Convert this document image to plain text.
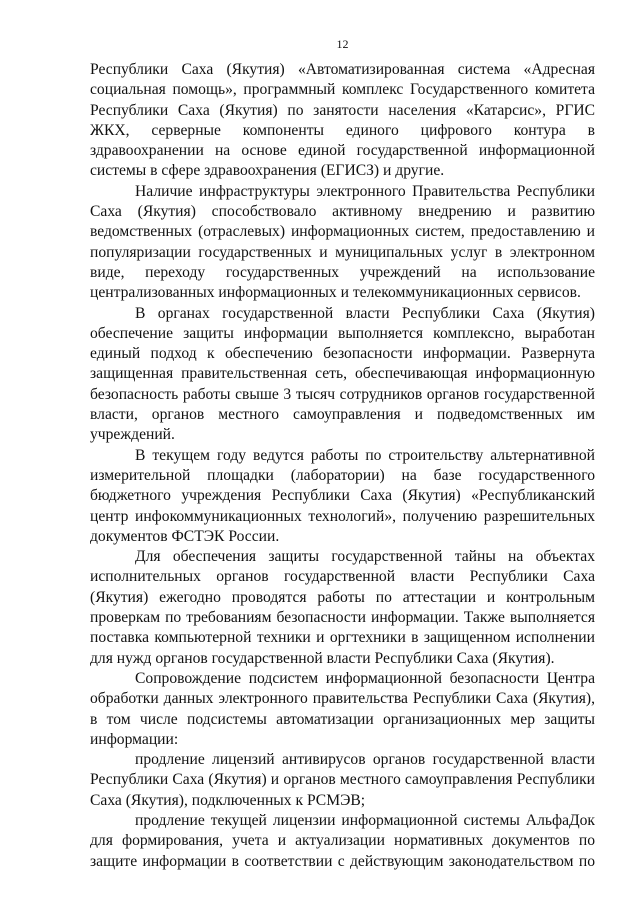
12

Республики Саха (Якутия) «Автоматизированная система «Адресная социальная помощь», программный комплекс Государственного комитета Республики Саха (Якутия) по занятости населения «Катарсис», РГИС ЖКХ, серверные компоненты единого цифрового контура в здравоохранении на основе единой государственной информационной системы в сфере здравоохранения (ЕГИСЗ) и другие.

Наличие инфраструктуры электронного Правительства Республики Саха (Якутия) способствовало активному внедрению и развитию ведомственных (отраслевых) информационных систем, предоставлению и популяризации государственных и муниципальных услуг в электронном виде, переходу государственных учреждений на использование централизованных информационных и телекоммуникационных сервисов.

В органах государственной власти Республики Саха (Якутия) обеспечение защиты информации выполняется комплексно, выработан единый подход к обеспечению безопасности информации. Развернута защищенная правительственная сеть, обеспечивающая информационную безопасность работы свыше 3 тысяч сотрудников органов государственной власти, органов местного самоуправления и подведомственных им учреждений.

В текущем году ведутся работы по строительству альтернативной измерительной площадки (лаборатории) на базе государственного бюджетного учреждения Республики Саха (Якутия) «Республиканский центр инфокоммуникационных технологий», получению разрешительных документов ФСТЭК России.

Для обеспечения защиты государственной тайны на объектах исполнительных органов государственной власти Республики Саха (Якутия) ежегодно проводятся работы по аттестации и контрольным проверкам по требованиям безопасности информации. Также выполняется поставка компьютерной техники и оргтехники в защищенном исполнении для нужд органов государственной власти Республики Саха (Якутия).

Сопровождение подсистем информационной безопасности Центра обработки данных электронного правительства Республики Саха (Якутия), в том числе подсистемы автоматизации организационных мер защиты информации:

продление лицензий антивирусов органов государственной власти Республики Саха (Якутия) и органов местного самоуправления Республики Саха (Якутия), подключенных к РСМЭВ;

продление текущей лицензии информационной системы АльфаДок для формирования, учета и актуализации нормативных документов по защите информации в соответствии с действующим законодательством по
